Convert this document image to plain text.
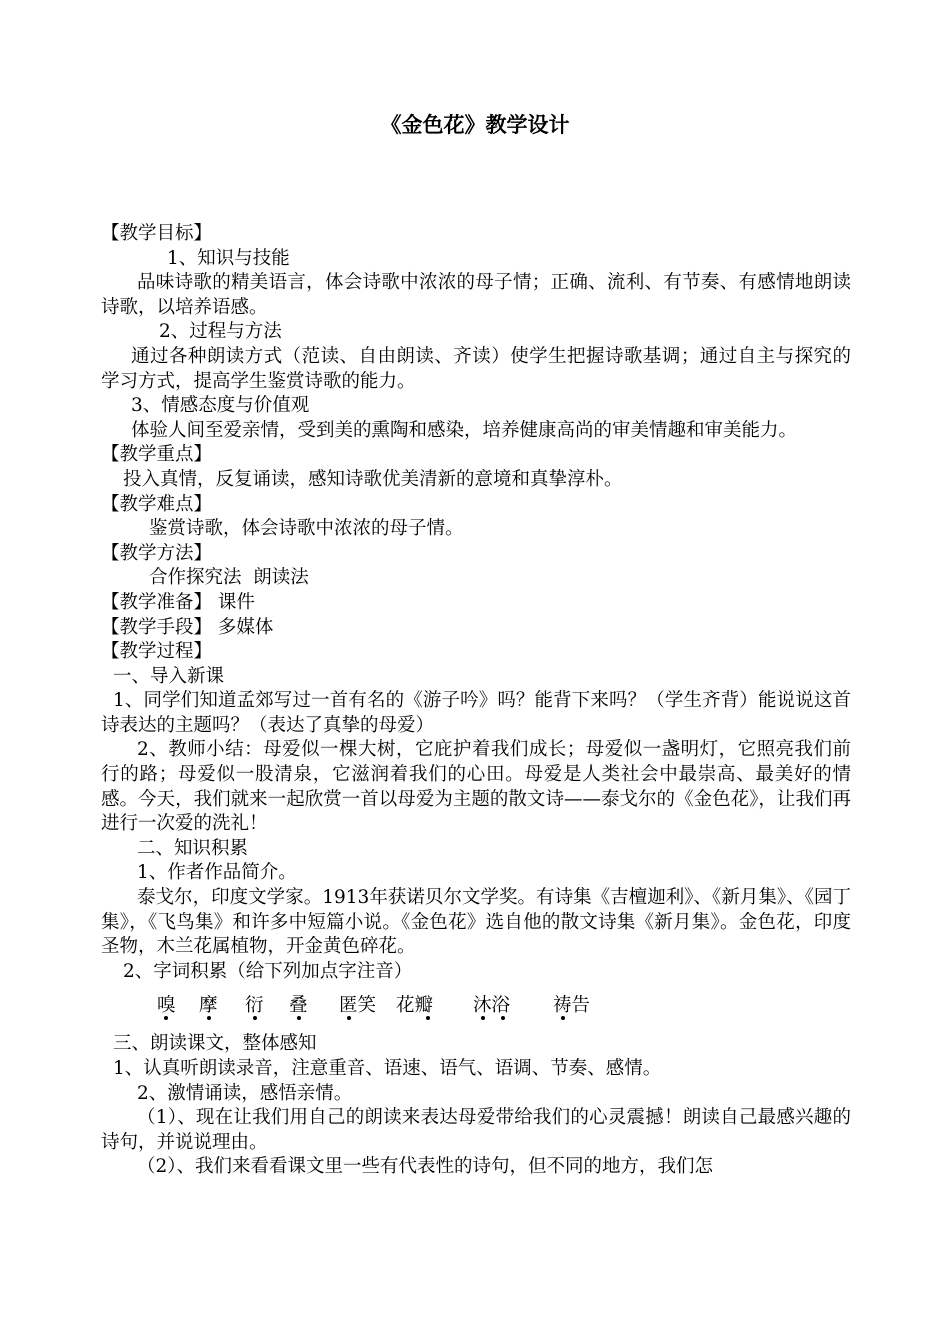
《金色花》教学设计

【教学目标】

1、知识与技能

品味诗歌的精美语言，体会诗歌中浓浓的母子情；正确、流利、有节奏、有感情地朗读诗歌，以培养语感。

2、过程与方法

通过各种朗读方式（范读、自由朗读、齐读）使学生把握诗歌基调；通过自主与探究的学习方式，提高学生鉴赏诗歌的能力。

3、情感态度与价值观

体验人间至爱亲情，受到美的熏陶和感染，培养健康高尚的审美情趣和审美能力。

【教学重点】

投入真情，反复诵读，感知诗歌优美清新的意境和真挚淳朴。

【教学难点】

鉴赏诗歌，体会诗歌中浓浓的母子情。

【教学方法】

合作探究法  朗读法

【教学准备】 课件

【教学手段】 多媒体

【教学过程】

一、导入新课

1、同学们知道孟郊写过一首有名的《游子吟》吗？能背下来吗？（学生齐背）能说说这首诗表达的主题吗？（表达了真挚的母爱）

2、教师小结：母爱似一棵大树，它庇护着我们成长；母爱似一盏明灯，它照亮我们前行的路；母爱似一股清泉，它滋润着我们的心田。母爱是人类社会中最崇高、最美好的情感。今天，我们就来一起欣赏一首以母爱为主题的散文诗——泰戈尔的《金色花》，让我们再进行一次爱的洗礼！

二、知识积累

1、作者作品简介。

泰戈尔，印度文学家。1913年获诺贝尔文学奖。有诗集《吉檀迦利》、《新月集》、《园丁集》，《飞鸟集》和许多中短篇小说。《金色花》选自他的散文诗集《新月集》。金色花，印度圣物，木兰花属植物，开金黄色碎花。

2、字词积累（给下列加点字注音）

嗅 摩 衍 叠 匿笑 花瓣 沐浴 祷告

三、朗读课文，整体感知

1、认真听朗读录音，注意重音、语速、语气、语调、节奏、感情。

2、激情诵读，感悟亲情。

（1）、现在让我们用自己的朗读来表达母爱带给我们的心灵震撼！朗读自己最感兴趣的诗句，并说说理由。

（2）、我们来看看课文里一些有代表性的诗句，但不同的地方，我们怎
